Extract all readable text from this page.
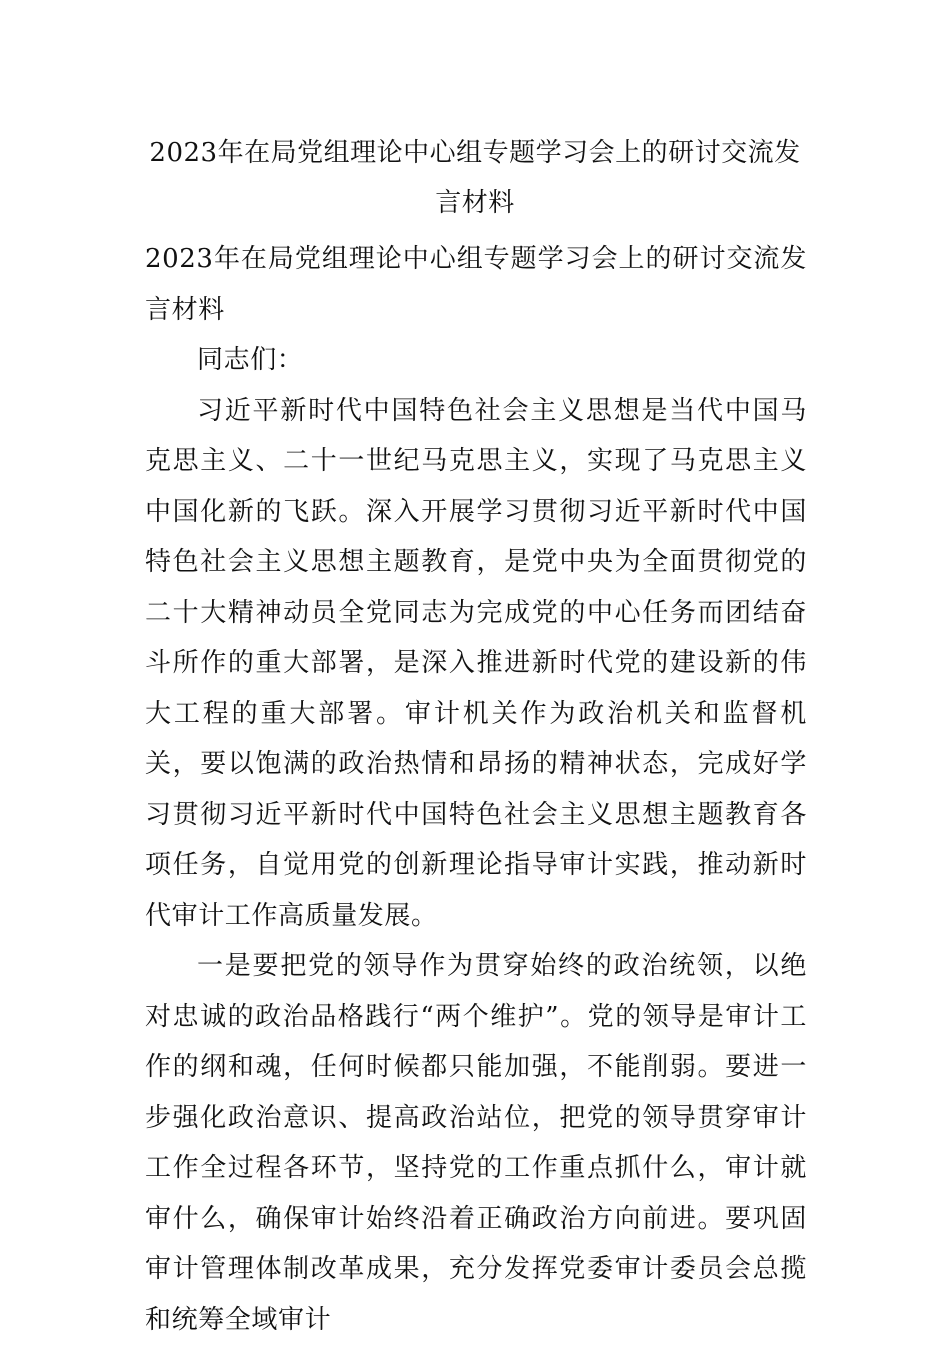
2023年在局党组理论中心组专题学习会上的研讨交流发言材料

2023年在局党组理论中心组专题学习会上的研讨交流发言材料

同志们：

习近平新时代中国特色社会主义思想是当代中国马克思主义、二十一世纪马克思主义，实现了马克思主义中国化新的飞跃。深入开展学习贯彻习近平新时代中国特色社会主义思想主题教育，是党中央为全面贯彻党的二十大精神动员全党同志为完成党的中心任务而团结奋斗所作的重大部署，是深入推进新时代党的建设新的伟大工程的重大部署。审计机关作为政治机关和监督机关，要以饱满的政治热情和昂扬的精神状态，完成好学习贯彻习近平新时代中国特色社会主义思想主题教育各项任务，自觉用党的创新理论指导审计实践，推动新时代审计工作高质量发展。

一是要把党的领导作为贯穿始终的政治统领，以绝对忠诚的政治品格践行“两个维护”。党的领导是审计工作的纲和魂，任何时候都只能加强，不能削弱。要进一步强化政治意识、提高政治站位，把党的领导贯穿审计工作全过程各环节，坚持党的工作重点抓什么，审计就审什么，确保审计始终沿着正确政治方向前进。要巩固审计管理体制改革成果，充分发挥党委审计委员会总揽和统筹全域审计
